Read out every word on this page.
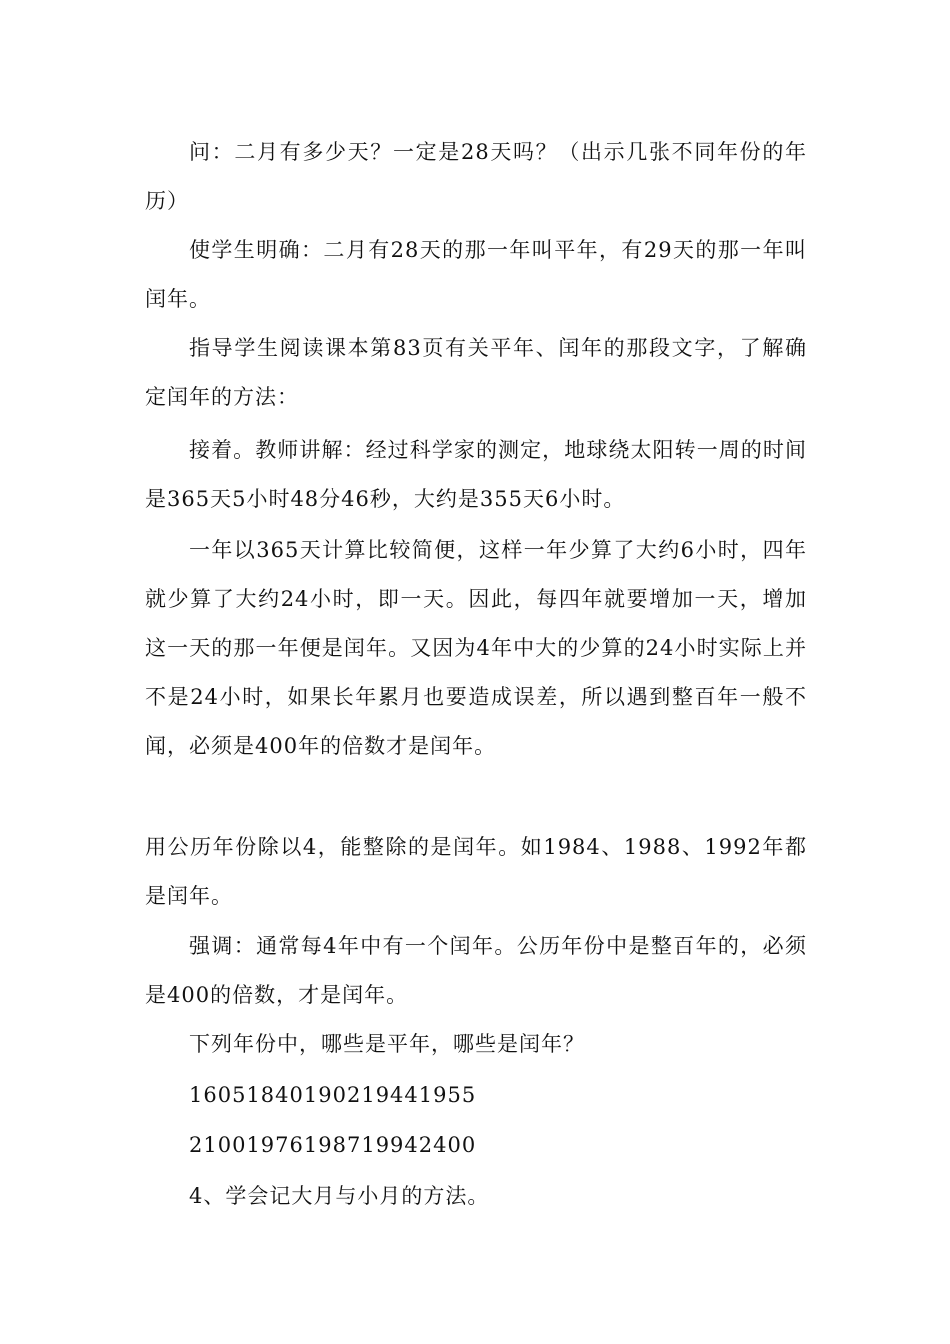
问：二月有多少天？一定是28天吗？（出示几张不同年份的年历）
使学生明确：二月有28天的那一年叫平年，有29天的那一年叫闰年。
指导学生阅读课本第83页有关平年、闰年的那段文字，了解确定闰年的方法：
接着。教师讲解：经过科学家的测定，地球绕太阳转一周的时间是365天5小时48分46秒，大约是355天6小时。
一年以365天计算比较简便，这样一年少算了大约6小时，四年就少算了大约24小时，即一天。因此，每四年就要增加一天，增加这一天的那一年便是闰年。又因为4年中大的少算的24小时实际上并不是24小时，如果长年累月也要造成误差，所以遇到整百年一般不闻，必须是400年的倍数才是闰年。
用公历年份除以4，能整除的是闰年。如1984、1988、1992年都是闰年。
强调：通常每4年中有一个闰年。公历年份中是整百年的，必须是400的倍数，才是闰年。
下列年份中，哪些是平年，哪些是闰年？
16051840190219441955
21001976198719942400
4、学会记大月与小月的方法。
